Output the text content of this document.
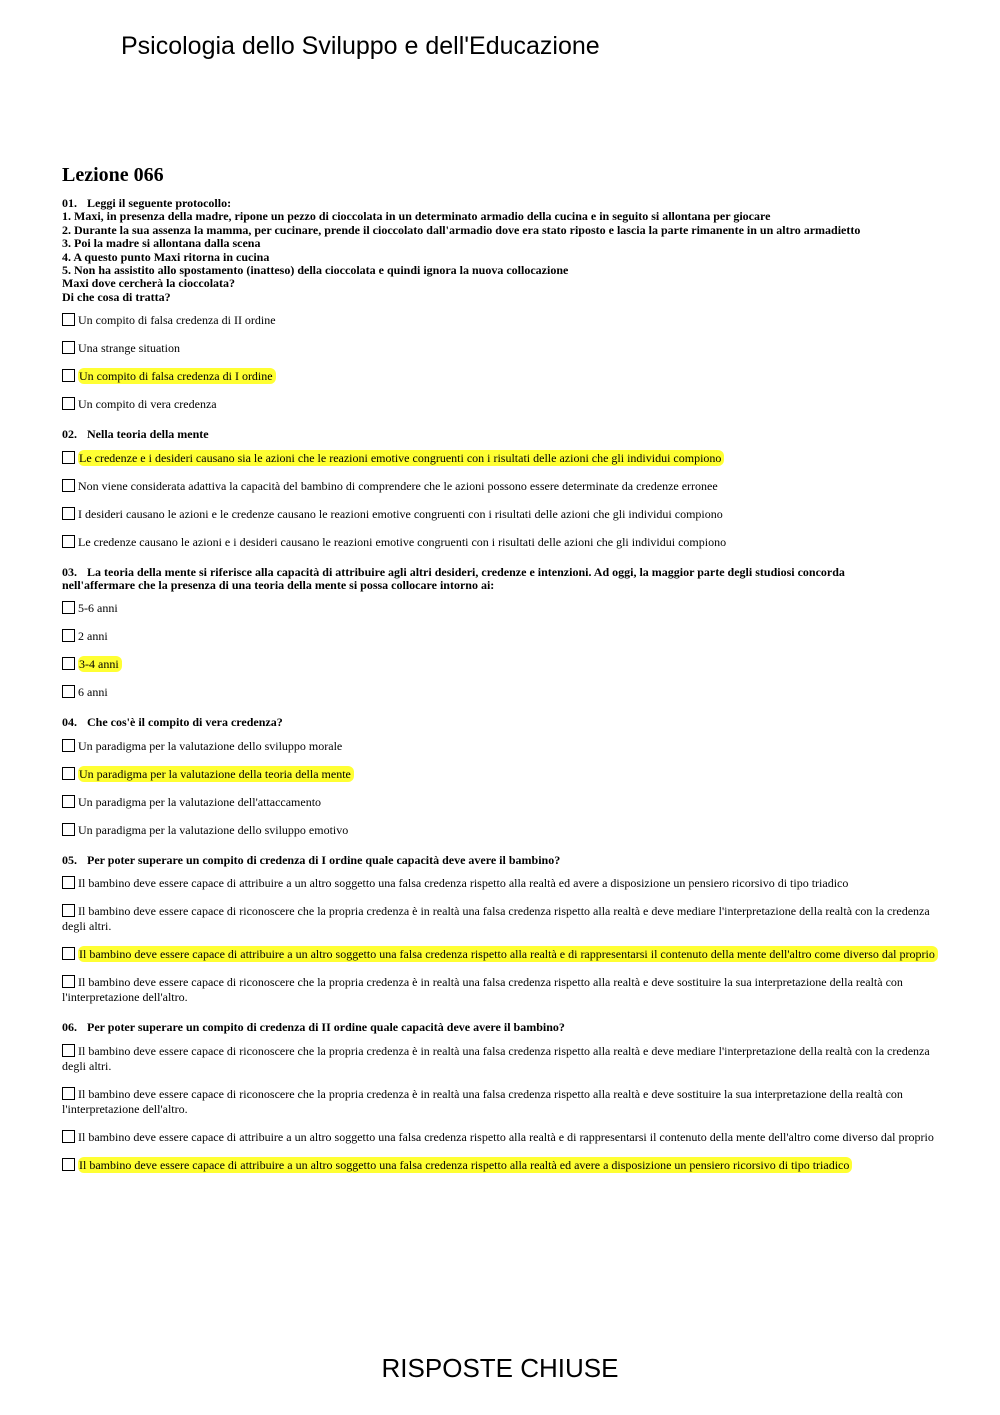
Psicologia dello Sviluppo e dell'Educazione
Lezione 066
01. Leggi il seguente protocollo:
1. Maxi, in presenza della madre, ripone un pezzo di cioccolata in un determinato armadio della cucina e in seguito si allontana per giocare
2. Durante la sua assenza la mamma, per cucinare, prende il cioccolato dall'armadio dove era stato riposto e lascia la parte rimanente in un altro armadietto
3. Poi la madre si allontana dalla scena
4. A questo punto Maxi ritorna in cucina
5. Non ha assistito allo spostamento (inatteso) della cioccolata e quindi ignora la nuova collocazione
Maxi dove cercherà la cioccolata?
Di che cosa di tratta?
Un compito di falsa credenza di II ordine
Una strange situation
Un compito di falsa credenza di I ordine
Un compito di vera credenza
02. Nella teoria della mente
Le credenze e i desideri causano sia le azioni che le reazioni emotive congruenti con i risultati delle azioni che gli individui compiono
Non viene considerata adattiva la capacità del bambino di comprendere che le azioni possono essere determinate da credenze erronee
I desideri causano le azioni e le credenze causano le reazioni emotive congruenti con i risultati delle azioni che gli individui compiono
Le credenze causano le azioni e i desideri causano le reazioni emotive congruenti con i risultati delle azioni che gli individui compiono
03. La teoria della mente si riferisce alla capacità di attribuire agli altri desideri, credenze e intenzioni. Ad oggi, la maggior parte degli studiosi concorda
nell'affermare che la presenza di una teoria della mente si possa collocare intorno ai:
5-6 anni
2 anni
3-4 anni
6 anni
04. Che cos'è il compito di vera credenza?
Un paradigma per la valutazione dello sviluppo morale
Un paradigma per la valutazione della teoria della mente
Un paradigma per la valutazione dell'attaccamento
Un paradigma per la valutazione dello sviluppo emotivo
05. Per poter superare un compito di credenza di I ordine quale capacità deve avere il bambino?
Il bambino deve essere capace di attribuire a un altro soggetto una falsa credenza rispetto alla realtà ed avere a disposizione un pensiero ricorsivo di tipo triadico
Il bambino deve essere capace di riconoscere che la propria credenza è in realtà una falsa credenza rispetto alla realtà e deve mediare l'interpretazione della realtà con la credenza degli altri.
Il bambino deve essere capace di attribuire a un altro soggetto una falsa credenza rispetto alla realtà e di rappresentarsi il contenuto della mente dell'altro come diverso dal proprio
Il bambino deve essere capace di riconoscere che la propria credenza è in realtà una falsa credenza rispetto alla realtà e deve sostituire la sua interpretazione della realtà con l'interpretazione dell'altro.
06. Per poter superare un compito di credenza di II ordine quale capacità deve avere il bambino?
Il bambino deve essere capace di riconoscere che la propria credenza è in realtà una falsa credenza rispetto alla realtà e deve mediare l'interpretazione della realtà con la credenza degli altri.
Il bambino deve essere capace di riconoscere che la propria credenza è in realtà una falsa credenza rispetto alla realtà e deve sostituire la sua interpretazione della realtà con l'interpretazione dell'altro.
Il bambino deve essere capace di attribuire a un altro soggetto una falsa credenza rispetto alla realtà e di rappresentarsi il contenuto della mente dell'altro come diverso dal proprio
Il bambino deve essere capace di attribuire a un altro soggetto una falsa credenza rispetto alla realtà ed avere a disposizione un pensiero ricorsivo di tipo triadico
RISPOSTE CHIUSE
